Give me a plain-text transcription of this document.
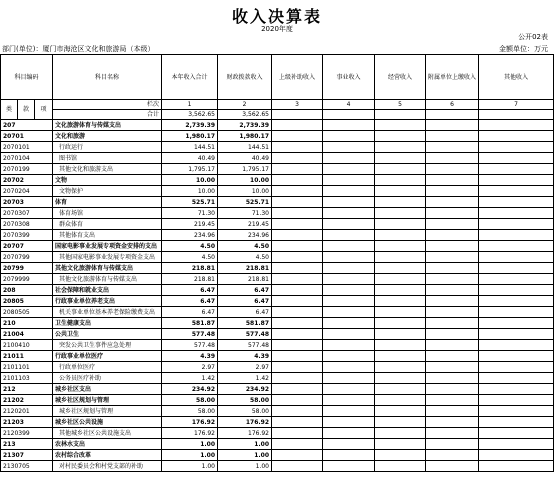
收入决算表
2020年度
公开02表
部门(单位)：厦门市海沧区文化和旅游局（本级）	金额单位：万元
科目编码			科目名称	本年收入合计	财政拨款收入	上级补助收入	事业收入	经营收入	附属单位上缴收入	其他收入
类	款	项	栏次	1	2	3	4	5	6	7
			合计	3,562.65	3,562.65					
207			文化旅游体育与传媒支出	2,739.39	2,739.39					
20701			文化和旅游	1,980.17	1,980.17					
2070101			行政运行	144.51	144.51					
2070104			图书馆	40.49	40.49					
2070199			其他文化和旅游支出	1,795.17	1,795.17					
20702			文物	10.00	10.00					
2070204			文物保护	10.00	10.00					
20703			体育	525.71	525.71					
2070307			体育场馆	71.30	71.30					
2070308			群众体育	219.45	219.45					
2070399			其他体育支出	234.96	234.96					
20707			国家电影事业发展专项资金安排的支出	4.50	4.50					
2070799			其他国家电影事业发展专项资金支出	4.50	4.50					
20799			其他文化旅游体育与传媒支出	218.81	218.81					
2079999			其他文化旅游体育与传媒支出	218.81	218.81					
208			社会保障和就业支出	6.47	6.47					
20805			行政事业单位养老支出	6.47	6.47					
2080505			机关事业单位基本养老保险缴费支出	6.47	6.47					
210			卫生健康支出	581.87	581.87					
21004			公共卫生	577.48	577.48					
2100410			突发公共卫生事件应急处理	577.48	577.48					
21011			行政事业单位医疗	4.39	4.39					
2101101			行政单位医疗	2.97	2.97					
2101103			公务员医疗补助	1.42	1.42					
212			城乡社区支出	234.92	234.92					
21202			城乡社区规划与管理	58.00	58.00					
2120201			城乡社区规划与管理	58.00	58.00					
21203			城乡社区公共设施	176.92	176.92					
2120399			其他城乡社区公共设施支出	176.92	176.92					
213			农林水支出	1.00	1.00					
21307			农村综合改革	1.00	1.00					
2130705			对村民委员会和村党支部的补助	1.00	1.00					
